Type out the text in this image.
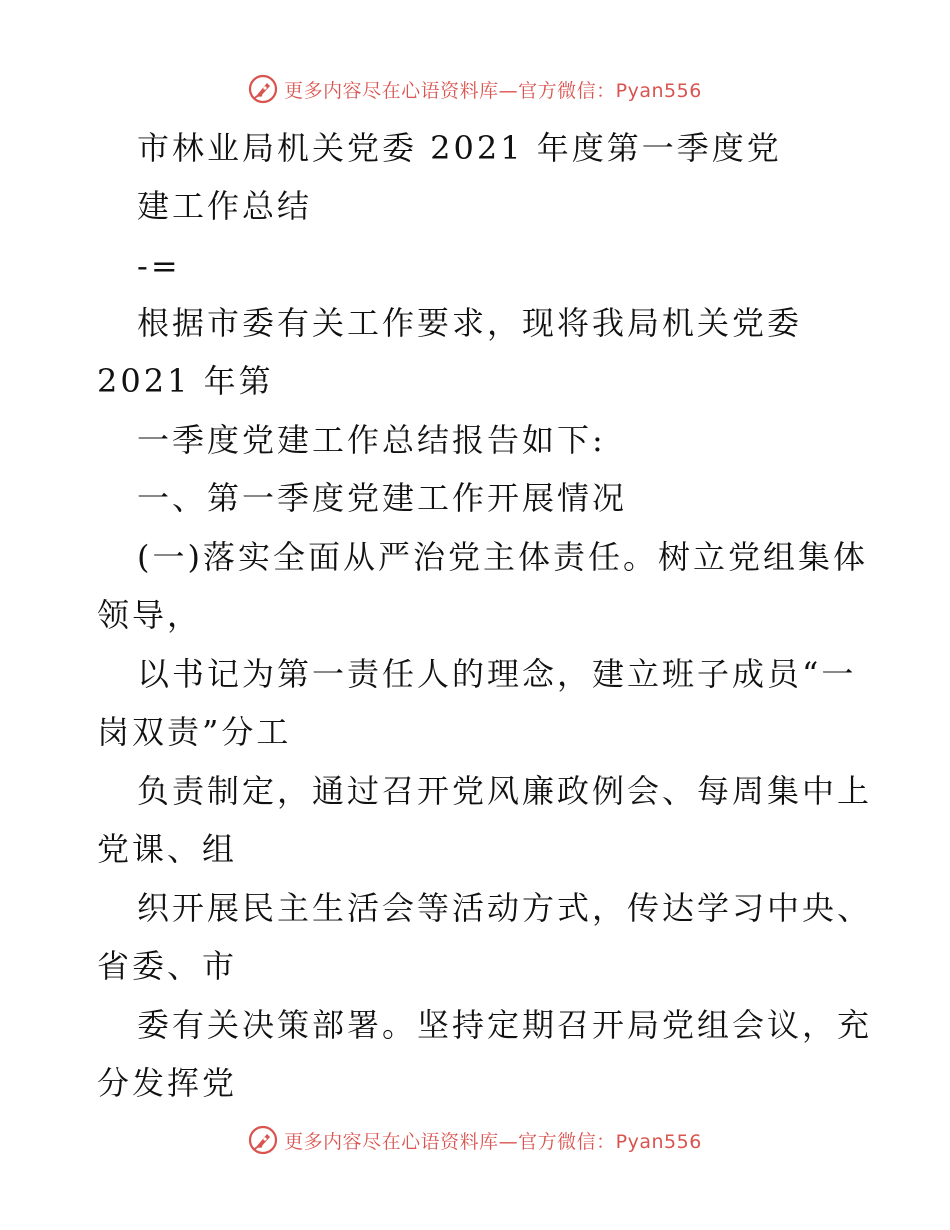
更多内容尽在心语资料库—官方微信：Pyan556
市林业局机关党委 2021 年度第一季度党
建工作总结
-=
根据市委有关工作要求，现将我局机关党委
2021 年第
一季度党建工作总结报告如下:
一、第一季度党建工作开展情况
(一)落实全面从严治党主体责任。树立党组集体
领导，
以书记为第一责任人的理念，建立班子成员“一
岗双责”分工
负责制定，通过召开党风廉政例会、每周集中上
党课、组
织开展民主生活会等活动方式，传达学习中央、
省委、市
委有关决策部署。坚持定期召开局党组会议，充
分发挥党
更多内容尽在心语资料库—官方微信：Pyan556
